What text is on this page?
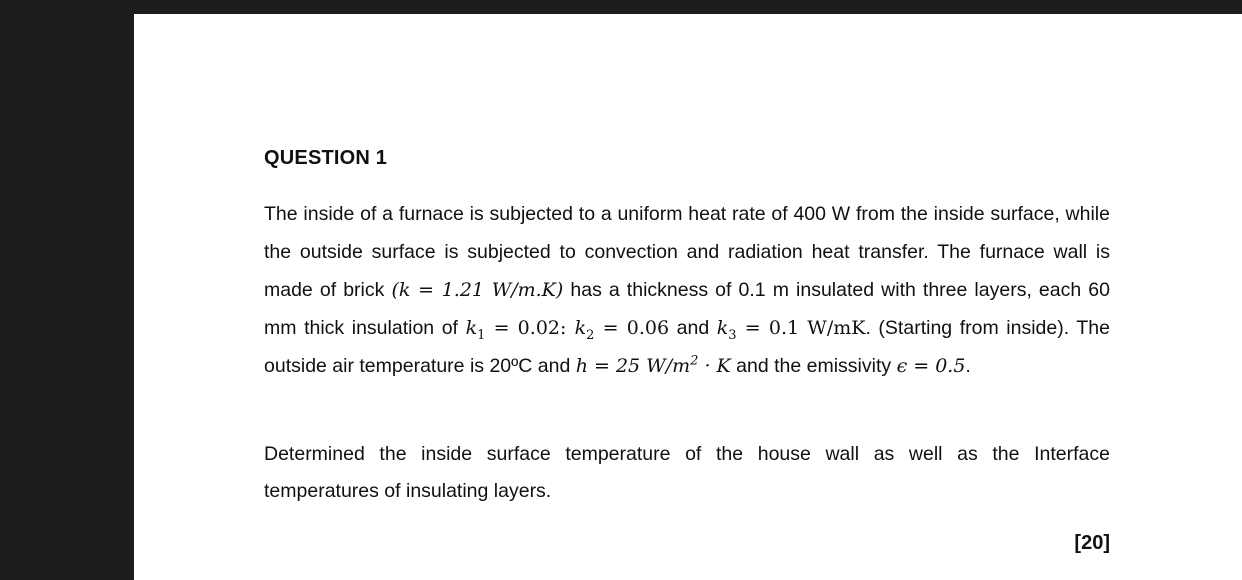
QUESTION 1
The inside of a furnace is subjected to a uniform heat rate of 400 W from the inside surface, while the outside surface is subjected to convection and radiation heat transfer. The furnace wall is made of brick (k = 1.21 W/m.K) has a thickness of 0.1 m insulated with three layers, each 60 mm thick insulation of $k_1 = 0.02$: $k_2 = 0.06$ and $k_3 = 0.1$ W/mK. (Starting from inside). The outside air temperature is 20ºC and h = 25 $W/m^2 \cdot K$ and the emissivity ϵ = 0.5.
Determined the inside surface temperature of the house wall as well as the Interface temperatures of insulating layers.
[20]
